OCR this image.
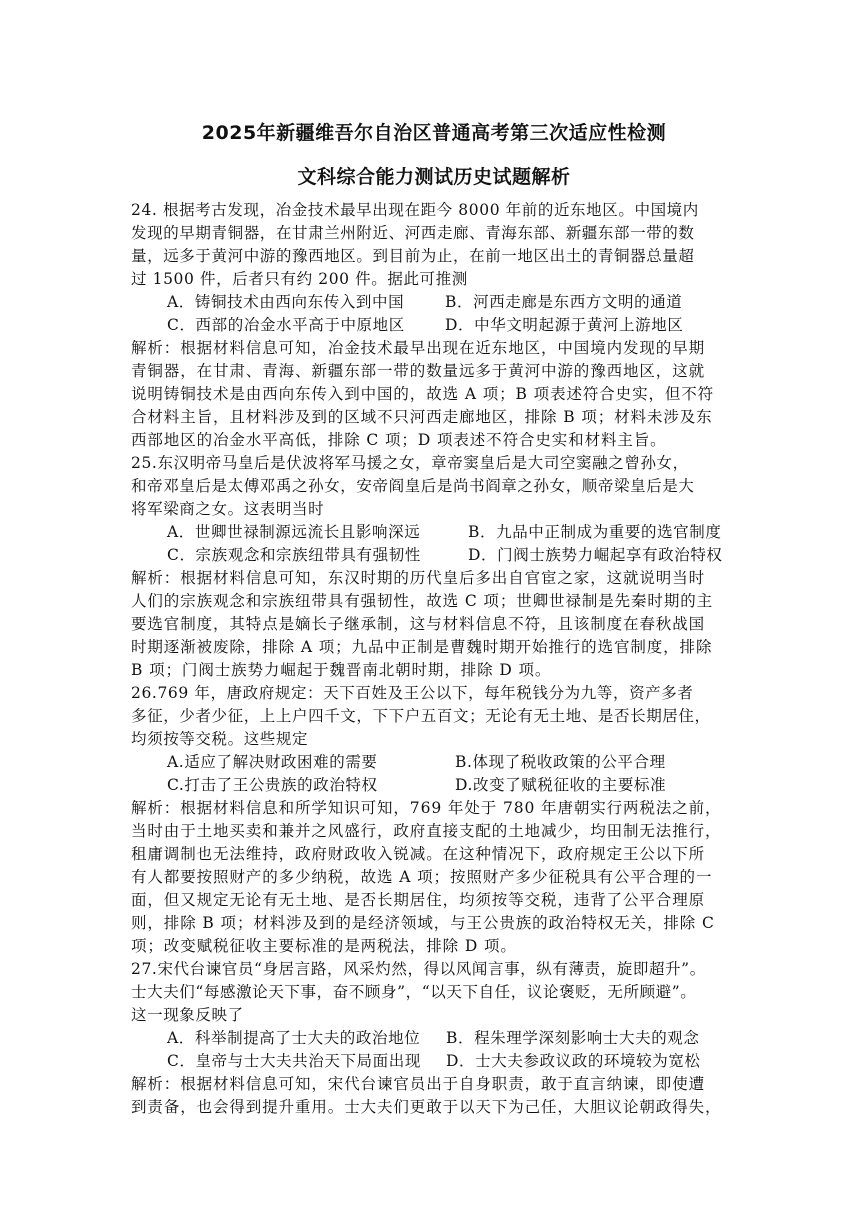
2025年新疆维吾尔自治区普通高考第三次适应性检测
文科综合能力测试历史试题解析
24. 根据考古发现，冶金技术最早出现在距今 8000 年前的近东地区。中国境内
发现的早期青铜器，在甘肃兰州附近、河西走廊、青海东部、新疆东部一带的数
量，远多于黄河中游的豫西地区。到目前为止，在前一地区出土的青铜器总量超
过 1500 件，后者只有约 200 件。据此可推测
A．铸铜技术由西向东传入到中国	B．河西走廊是东西方文明的通道
C．西部的冶金水平高于中原地区	D．中华文明起源于黄河上游地区
解析：根据材料信息可知，冶金技术最早出现在近东地区，中国境内发现的早期
青铜器，在甘肃、青海、新疆东部一带的数量远多于黄河中游的豫西地区，这就
说明铸铜技术是由西向东传入到中国的，故选 A 项；B 项表述符合史实，但不符
合材料主旨，且材料涉及到的区域不只河西走廊地区，排除 B 项；材料未涉及东
西部地区的冶金水平高低，排除 C 项；D 项表述不符合史实和材料主旨。
25.东汉明帝马皇后是伏波将军马援之女，章帝窦皇后是大司空窦融之曾孙女，
和帝邓皇后是太傅邓禹之孙女，安帝阎皇后是尚书阎章之孙女，顺帝梁皇后是大
将军梁商之女。这表明当时
A．世卿世禄制源远流长且影响深远	B．九品中正制成为重要的选官制度
C．宗族观念和宗族纽带具有强韧性	D．门阀士族势力崛起享有政治特权
解析：根据材料信息可知，东汉时期的历代皇后多出自官宦之家，这就说明当时
人们的宗族观念和宗族纽带具有强韧性，故选 C 项；世卿世禄制是先秦时期的主
要选官制度，其特点是嫡长子继承制，这与材料信息不符，且该制度在春秋战国
时期逐渐被废除，排除 A 项；九品中正制是曹魏时期开始推行的选官制度，排除
B 项；门阀士族势力崛起于魏晋南北朝时期，排除 D 项。
26.769 年，唐政府规定：天下百姓及王公以下，每年税钱分为九等，资产多者
多征，少者少征，上上户四千文，下下户五百文；无论有无土地、是否长期居住，
均须按等交税。这些规定
A.适应了解决财政困难的需要	B.体现了税收政策的公平合理
C.打击了王公贵族的政治特权	D.改变了赋税征收的主要标准
解析：根据材料信息和所学知识可知，769 年处于 780 年唐朝实行两税法之前，
当时由于土地买卖和兼并之风盛行，政府直接支配的土地减少，均田制无法推行，
租庸调制也无法维持，政府财政收入锐减。在这种情况下，政府规定王公以下所
有人都要按照财产的多少纳税，故选 A 项；按照财产多少征税具有公平合理的一
面，但又规定无论有无土地、是否长期居住，均须按等交税，违背了公平合理原
则，排除 B 项；材料涉及到的是经济领域，与王公贵族的政治特权无关，排除 C
项；改变赋税征收主要标准的是两税法，排除 D 项。
27.宋代台谏官员“身居言路，风采灼然，得以风闻言事，纵有薄责，旋即超升”。
士大夫们“每感激论天下事，奋不顾身”，“以天下自任，议论褒贬，无所顾避”。
这一现象反映了
A．科举制提高了士大夫的政治地位 B．程朱理学深刻影响士大夫的观念
C．皇帝与士大夫共治天下局面出现 D．士大夫参政议政的环境较为宽松
解析：根据材料信息可知，宋代台谏官员出于自身职责，敢于直言纳谏，即使遭
到责备，也会得到提升重用。士大夫们更敢于以天下为己任，大胆议论朝政得失，
